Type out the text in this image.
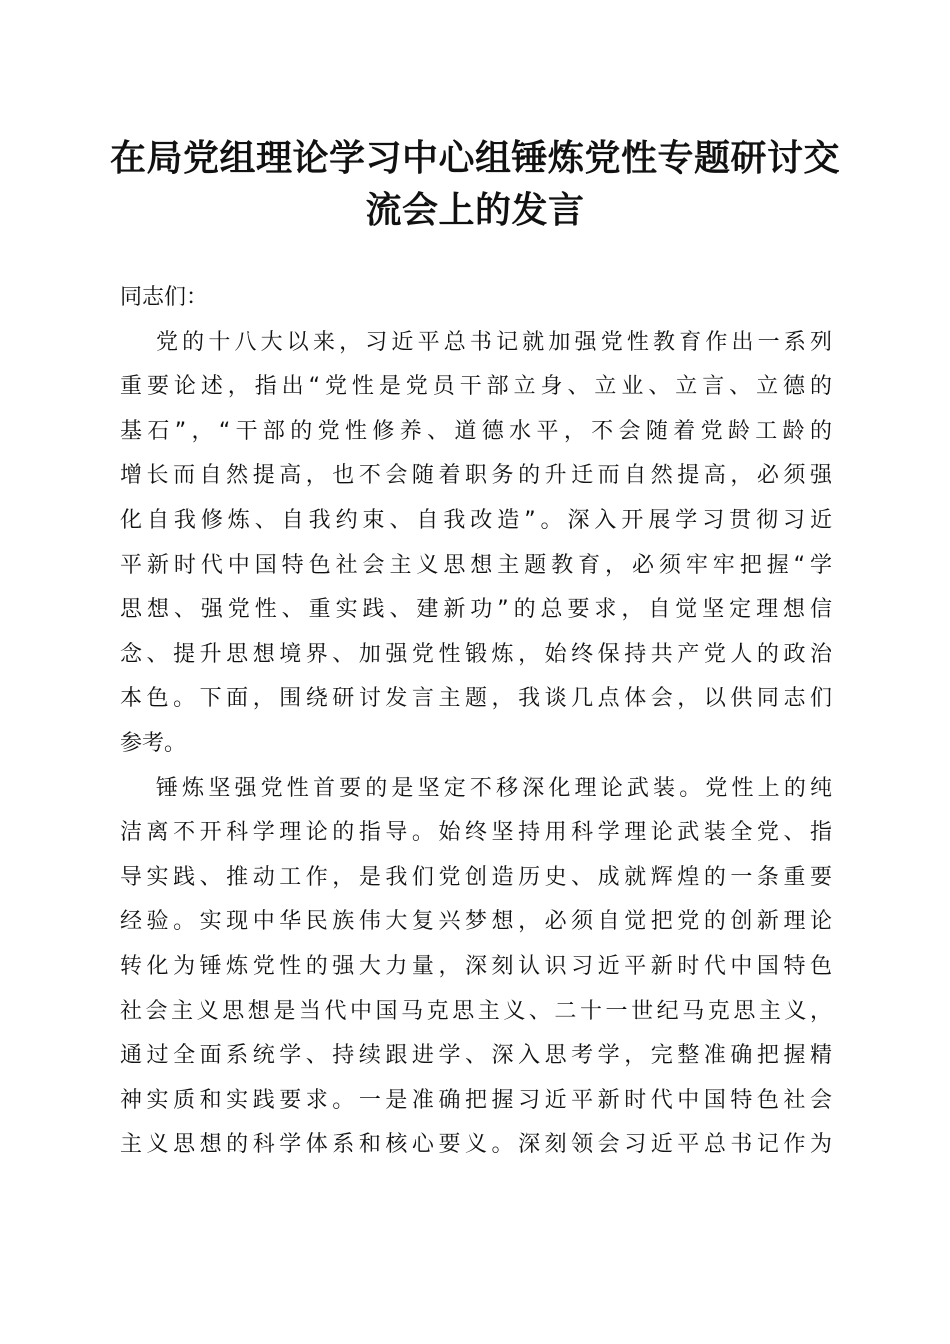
在局党组理论学习中心组锤炼党性专题研讨交
流会上的发言
同志们：
党的十八大以来，习近平总书记就加强党性教育作出一系列
重要论述，指出“党性是党员干部立身、立业、立言、立德的
基石”，“干部的党性修养、道德水平，不会随着党龄工龄的
增长而自然提高，也不会随着职务的升迁而自然提高，必须强
化自我修炼、自我约束、自我改造”。深入开展学习贯彻习近
平新时代中国特色社会主义思想主题教育，必须牢牢把握“学
思想、强党性、重实践、建新功”的总要求，自觉坚定理想信
念、提升思想境界、加强党性锻炼，始终保持共产党人的政治
本色。下面，围绕研讨发言主题，我谈几点体会，以供同志们
参考。
锤炼坚强党性首要的是坚定不移深化理论武装。党性上的纯
洁离不开科学理论的指导。始终坚持用科学理论武装全党、指
导实践、推动工作，是我们党创造历史、成就辉煌的一条重要
经验。实现中华民族伟大复兴梦想，必须自觉把党的创新理论
转化为锤炼党性的强大力量，深刻认识习近平新时代中国特色
社会主义思想是当代中国马克思主义、二十一世纪马克思主义，
通过全面系统学、持续跟进学、深入思考学，完整准确把握精
神实质和实践要求。一是准确把握习近平新时代中国特色社会
主义思想的科学体系和核心要义。深刻领会习近平总书记作为
